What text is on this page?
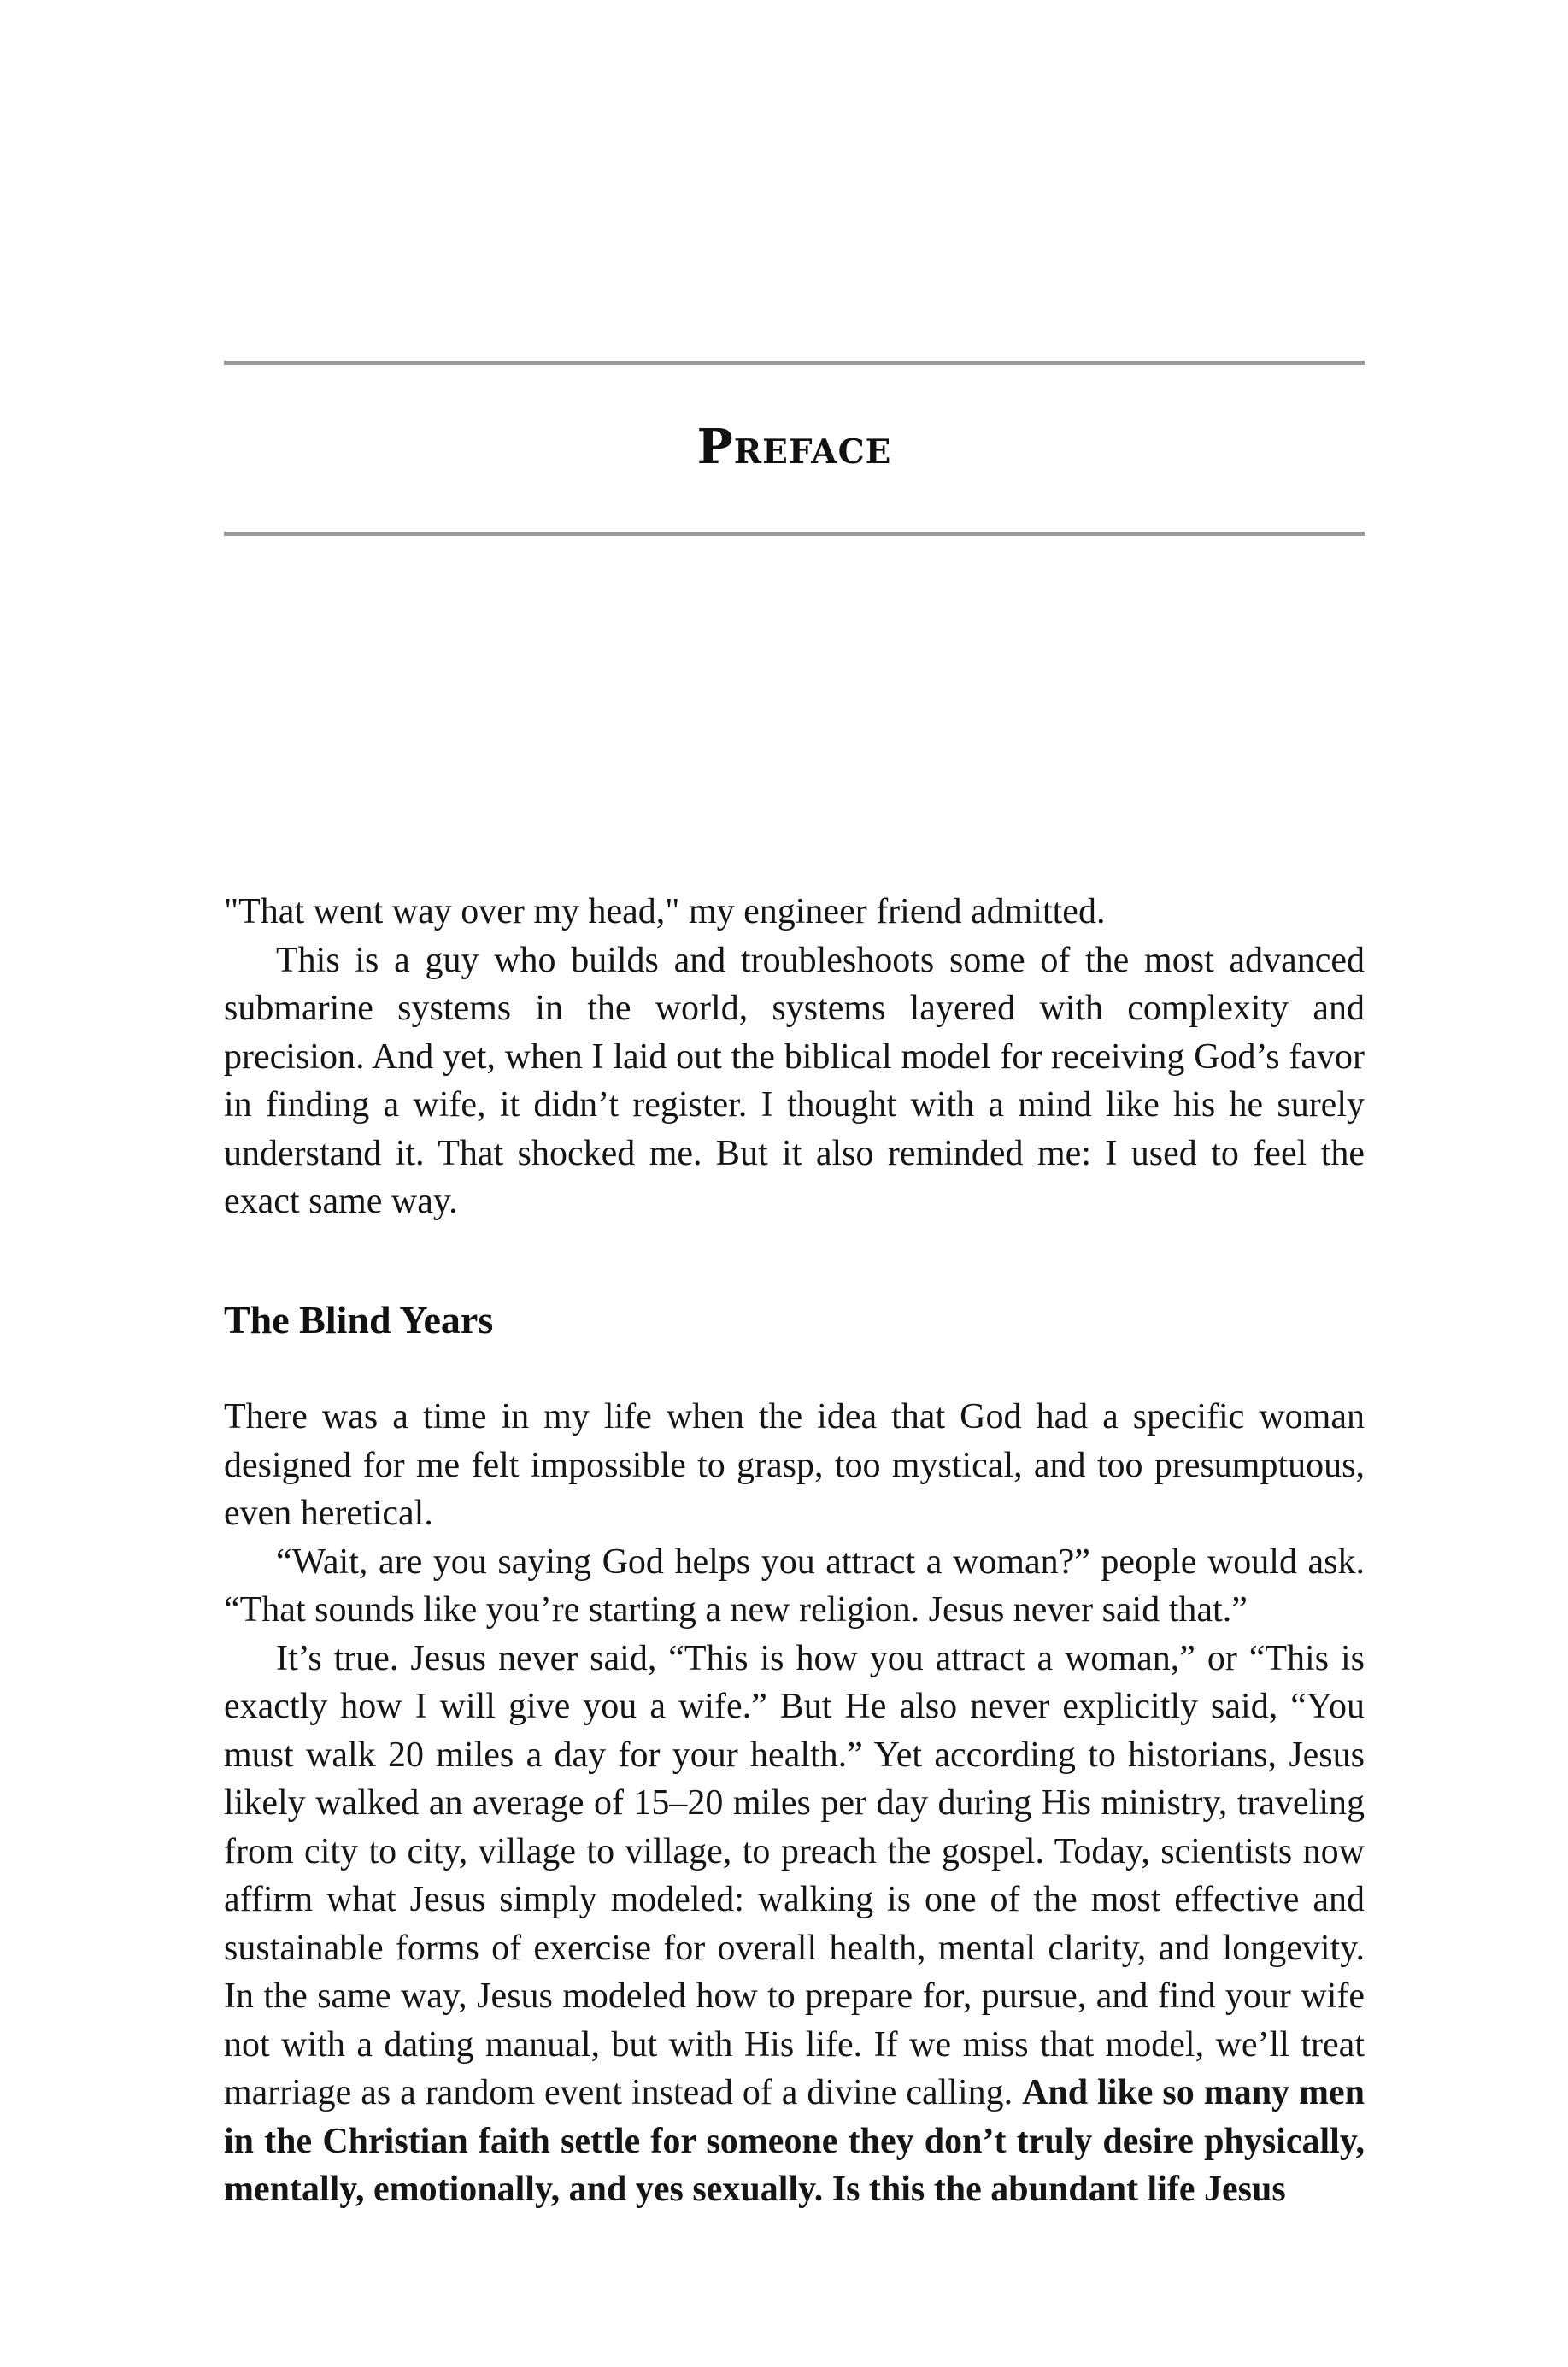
Preface

"That went way over my head," my engineer friend admitted.

This is a guy who builds and troubleshoots some of the most advanced submarine systems in the world, systems layered with complexity and precision. And yet, when I laid out the biblical model for receiving God’s favor in finding a wife, it didn’t register. I thought with a mind like his he surely understand it. That shocked me. But it also reminded me: I used to feel the exact same way.

The Blind Years

There was a time in my life when the idea that God had a specific woman designed for me felt impossible to grasp, too mystical, and too presumptuous, even heretical.

“Wait, are you saying God helps you attract a woman?” people would ask. “That sounds like you’re starting a new religion. Jesus never said that.”

It’s true. Jesus never said, “This is how you attract a woman,” or “This is exactly how I will give you a wife.” But He also never explicitly said, “You must walk 20 miles a day for your health.” Yet according to historians, Jesus likely walked an average of 15–20 miles per day during His ministry, traveling from city to city, village to village, to preach the gospel. Today, scientists now affirm what Jesus simply modeled: walking is one of the most effective and sustainable forms of exercise for overall health, mental clarity, and longevity. In the same way, Jesus modeled how to prepare for, pursue, and find your wife not with a dating manual, but with His life. If we miss that model, we’ll treat marriage as a random event instead of a divine calling. And like so many men in the Christian faith settle for someone they don’t truly desire physically, mentally, emotionally, and yes sexually. Is this the abundant life Jesus
